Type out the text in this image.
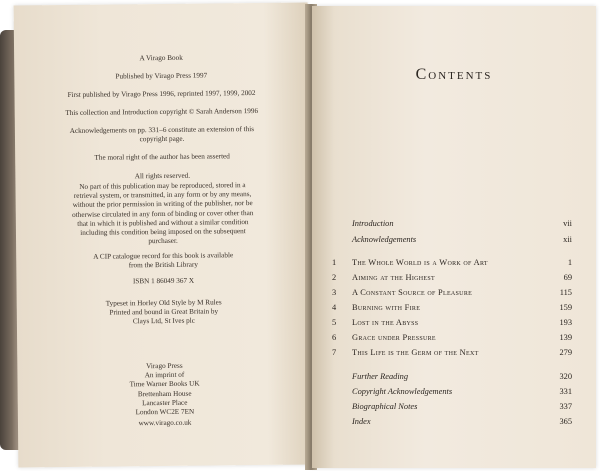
A Virago Book
Published by Virago Press 1997
First published by Virago Press 1996, reprinted 1997, 1999, 2002
This collection and Introduction copyright © Sarah Anderson 1996

Acknowledgements on pp. 331–6 constitute an extension of this

copyright page.

The moral right of the author has been asserted
All rights reserved.

No part of this publication may be reproduced, stored in a

retrieval system, or transmitted, in any form or by any means,

without the prior permission in writing of the publisher, nor be

otherwise circulated in any form of binding or cover other than

that in which it is published and without a similar condition

including this condition being imposed on the subsequent

purchaser.

A CIP catalogue record for this book is available

from the British Library

ISBN 1 86049 367 X

Typeset in Horley Old Style by M Rules

Printed and bound in Great Britain by

Clays Ltd, St Ives plc

Virago Press

An imprint of

Time Warner Books UK

Brettenham House

Lancaster Place

London WC2E 7EN

www.virago.co.uk
Contents
Introduction	vii
Acknowledgements	xii
1	The Whole World is a Work of Art	1
2	Aiming at the Highest	69
3	A Constant Source of Pleasure	115
4	Burning with Fire	159
5	Lost in the Abyss	193
6	Grace under Pressure	139
7	This Life is the Germ of the Next	279
Further Reading	320
Copyright Acknowledgements	331
Biographical Notes	337
Index	365
